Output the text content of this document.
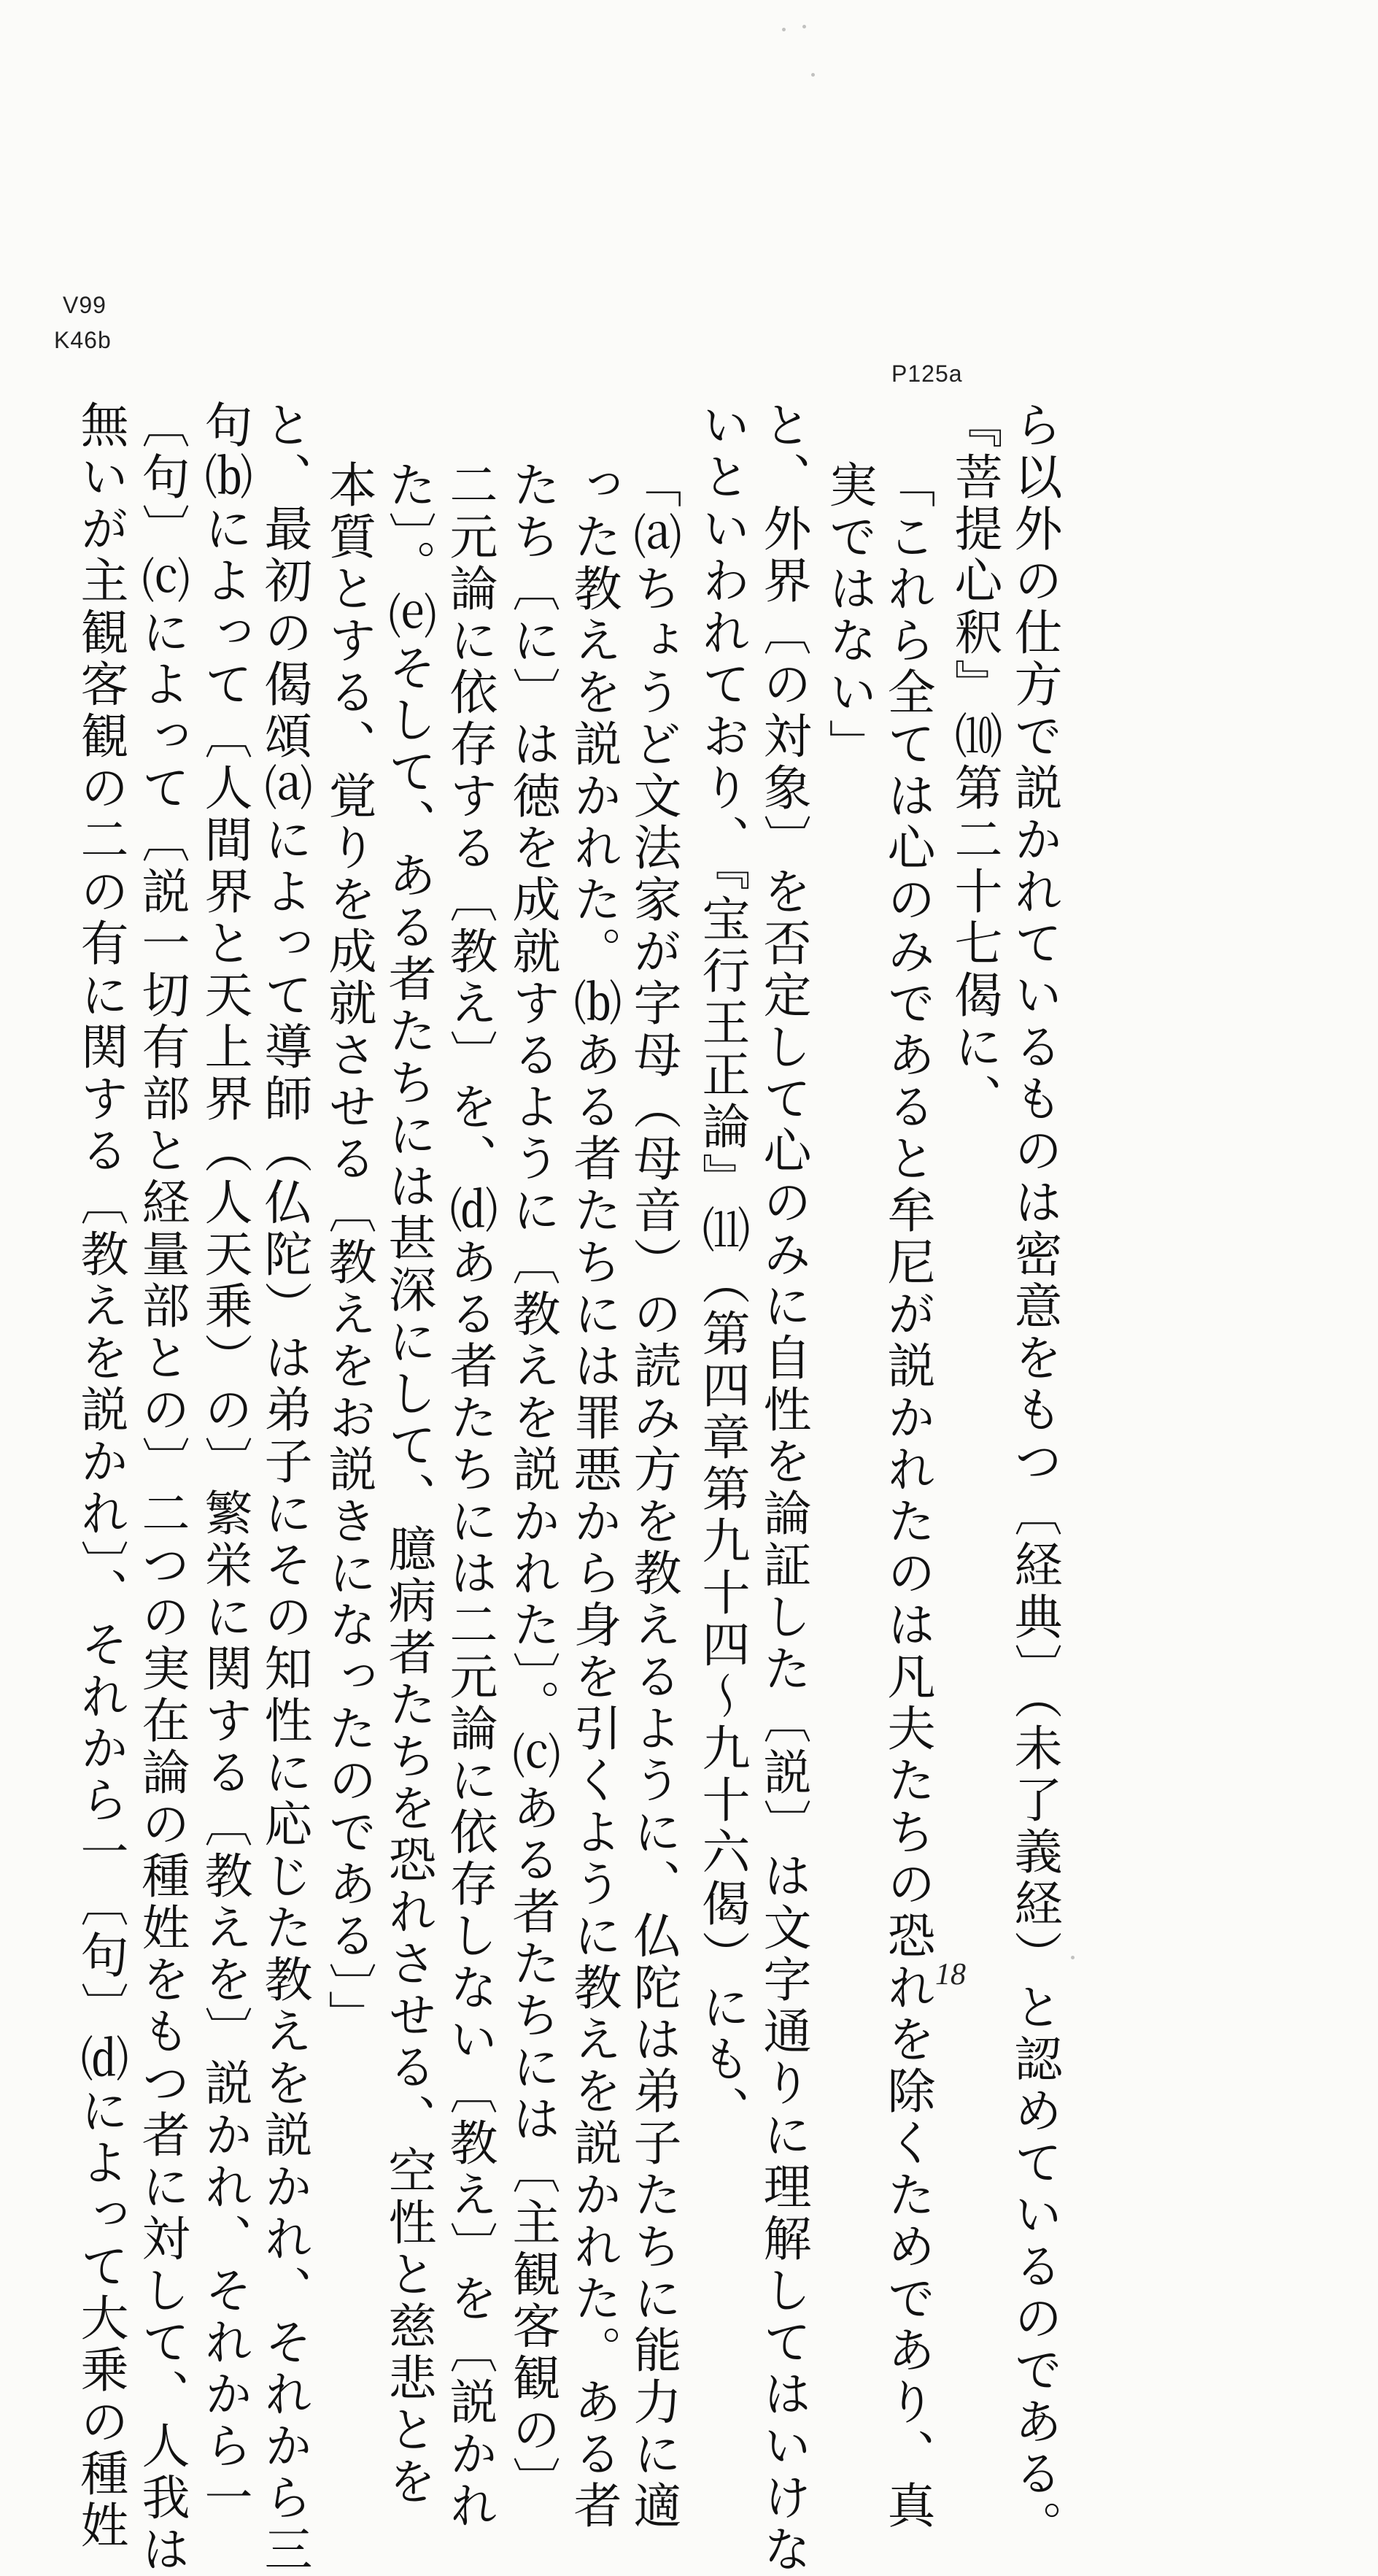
V99
K46b
P125a
ら以外の仕方で説かれているものは密意をもつ〔経典〕（未了義経）と認めているのである。
『菩提心釈』⑽第二十七偈に、
「これら全ては心のみであると牟尼が説かれたのは凡夫たちの恐れを除くためであり、真
実ではない」
と、外界〔の対象〕を否定して心のみに自性を論証した〔説〕は文字通りに理解してはいけな
いといわれており、『宝行王正論』⑾（第四章第九十四〜九十六偈）にも、
「⒜ちょうど文法家が字母（母音）の読み方を教えるように、仏陀は弟子たちに能力に適
った教えを説かれた。⒝ある者たちには罪悪から身を引くように教えを説かれた。ある者
たち〔に〕は徳を成就するように〔教えを説かれた〕。⒞ある者たちには〔主観客観の〕
二元論に依存する〔教え〕を、⒟ある者たちには二元論に依存しない〔教え〕を〔説かれ
た〕。⒠そして、ある者たちには甚深にして、臆病者たちを恐れさせる、空性と慈悲とを
本質とする、覚りを成就させる〔教えをお説きになったのである〕」
と、最初の偈頌⒜によって導師（仏陀）は弟子にその知性に応じた教えを説かれ、それから三
句⒝によって〔人間界と天上界（人天乗）の〕繁栄に関する〔教えを〕説かれ、それから一
〔句〕⒞によって〔説一切有部と経量部との〕二つの実在論の種姓をもつ者に対して、人我は
無いが主観客観の二の有に関する〔教えを説かれ〕、それから一〔句〕⒟によって大乗の種姓	18
